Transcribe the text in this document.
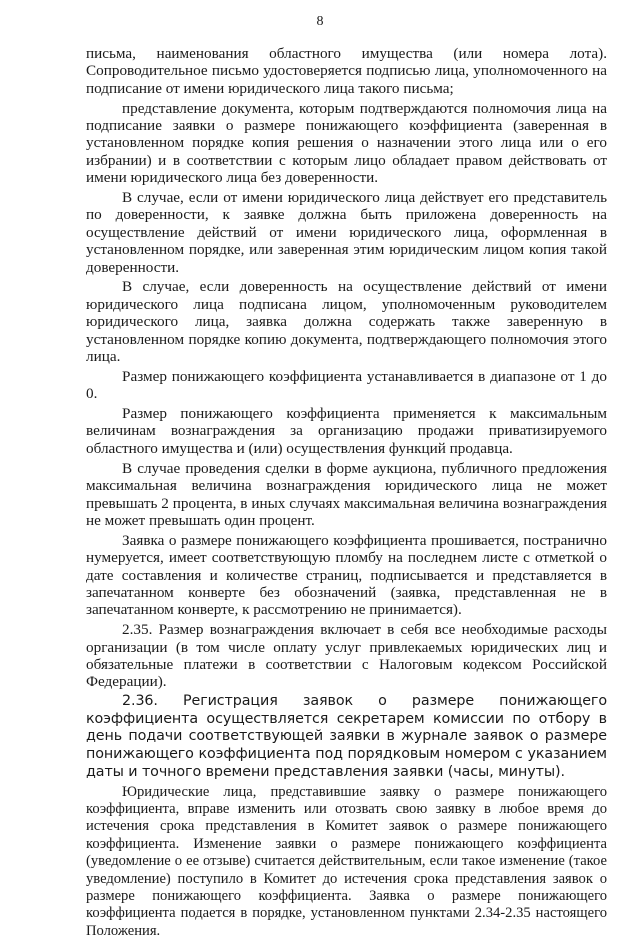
8

письма, наименования областного имущества (или номера лота). Сопроводительное письмо удостоверяется подписью лица, уполномоченного на подписание от имени юридического лица такого письма;

представление документа, которым подтверждаются полномочия лица на подписание заявки о размере понижающего коэффициента (заверенная в установленном порядке копия решения о назначении этого лица или о его избрании) и в соответствии с которым лицо обладает правом действовать от имени юридического лица без доверенности.

В случае, если от имени юридического лица действует его представитель по доверенности, к заявке должна быть приложена доверенность на осуществление действий от имени юридического лица, оформленная в установленном порядке, или заверенная этим юридическим лицом копия такой доверенности.

В случае, если доверенность на осуществление действий от имени юридического лица подписана лицом, уполномоченным руководителем юридического лица, заявка должна содержать также заверенную в установленном порядке копию документа, подтверждающего полномочия этого лица.

Размер понижающего коэффициента устанавливается в диапазоне от 1 до 0.

Размер понижающего коэффициента применяется к максимальным величинам вознаграждения за организацию продажи приватизируемого областного имущества и (или) осуществления функций продавца.

В случае проведения сделки в форме аукциона, публичного предложения максимальная величина вознаграждения юридического лица не может превышать 2 процента, в иных случаях максимальная величина вознаграждения не может превышать один процент.

Заявка о размере понижающего коэффициента прошивается, постранично нумеруется, имеет соответствующую пломбу на последнем листе с отметкой о дате составления и количестве страниц, подписывается и представляется в запечатанном конверте без обозначений (заявка, представленная не в запечатанном конверте, к рассмотрению не принимается).

2.35. Размер вознаграждения включает в себя все необходимые расходы организации (в том числе оплату услуг привлекаемых юридических лиц и обязательные платежи в соответствии с Налоговым кодексом Российской Федерации).

2.36. Регистрация заявок о размере понижающего коэффициента осуществляется секретарем комиссии по отбору в день подачи соответствующей заявки в журнале заявок о размере понижающего коэффициента под порядковым номером с указанием даты и точного времени представления заявки (часы, минуты).

Юридические лица, представившие заявку о размере понижающего коэффициента, вправе изменить или отозвать свою заявку в любое время до истечения срока представления в Комитет заявок о размере понижающего коэффициента. Изменение заявки о размере понижающего коэффициента (уведомление о ее отзыве) считается действительным, если такое изменение (такое уведомление) поступило в Комитет до истечения срока представления заявок о размере понижающего коэффициента. Заявка о размере понижающего коэффициента подается в порядке, установленном пунктами 2.34-2.35 настоящего Положения.
